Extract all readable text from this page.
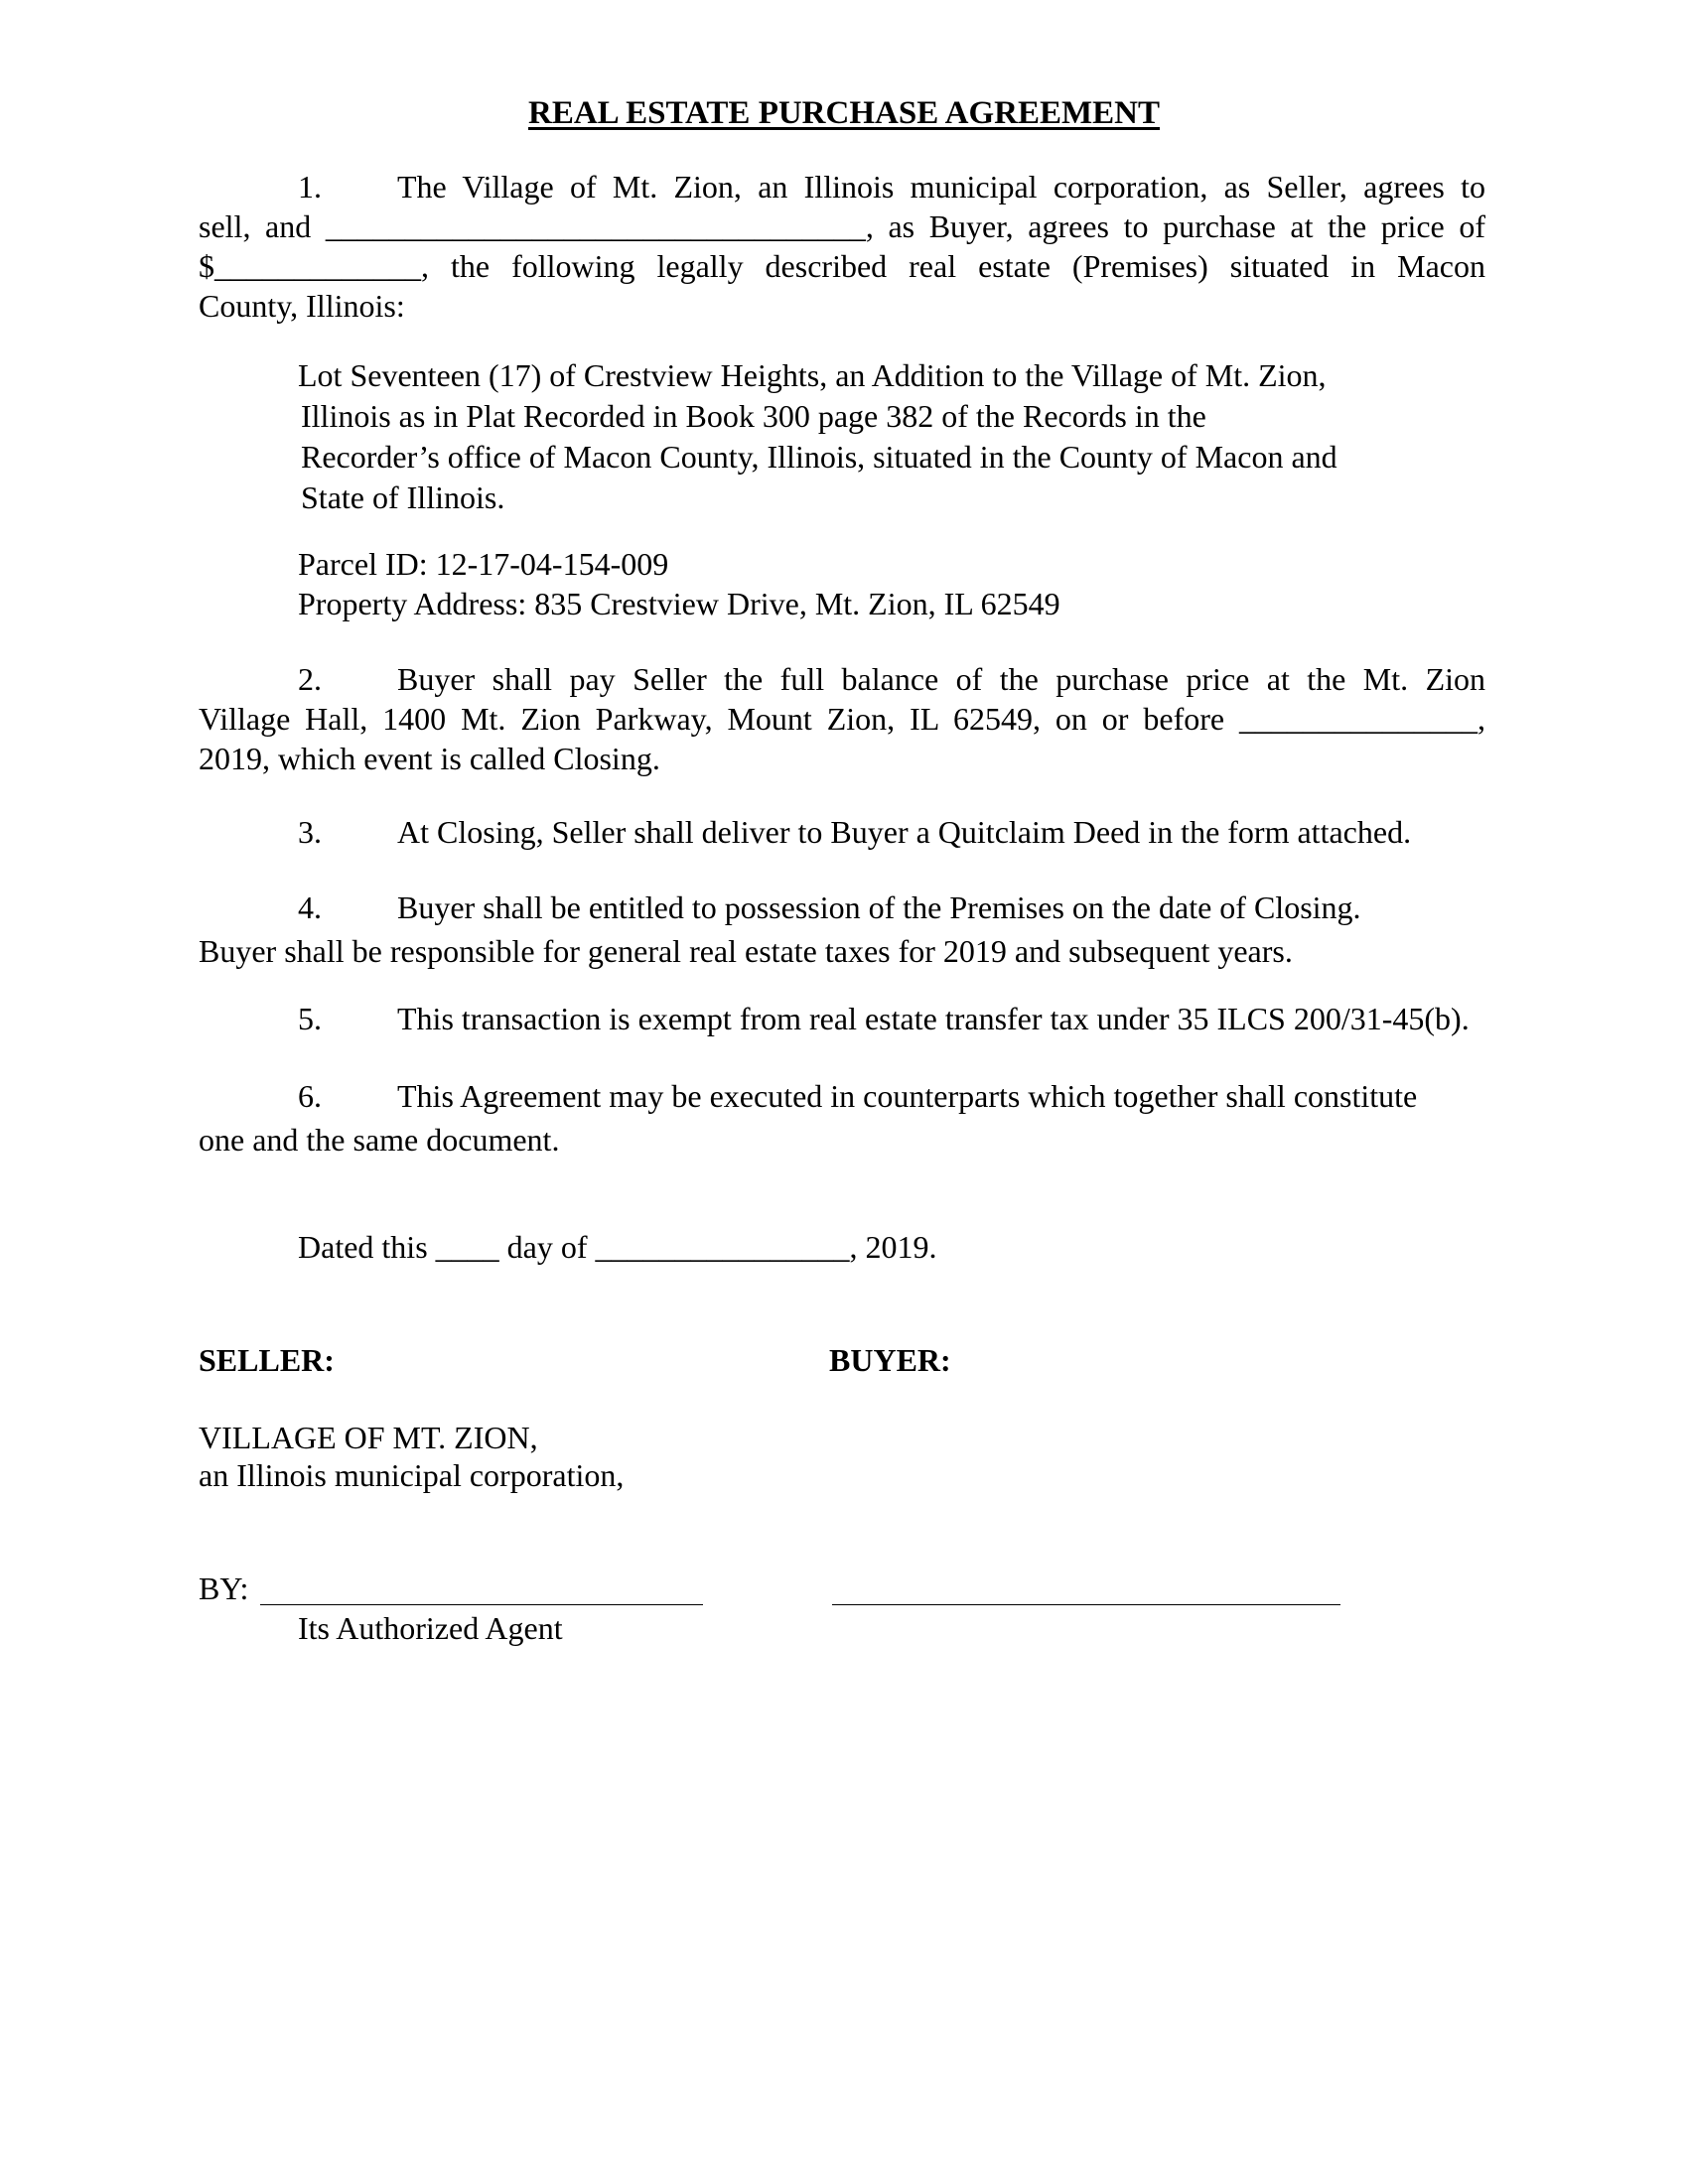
REAL ESTATE PURCHASE AGREEMENT
1. The Village of Mt. Zion, an Illinois municipal corporation, as Seller, agrees to
sell, and __________________________________, as Buyer, agrees to purchase at the price of
$_____________, the following legally described real estate (Premises) situated in Macon
County, Illinois:
Lot Seventeen (17) of Crestview Heights, an Addition to the Village of Mt. Zion,
Illinois as in Plat Recorded in Book 300 page 382 of the Records in the
Recorder’s office of Macon County, Illinois, situated in the County of Macon and
State of Illinois.
Parcel ID: 12-17-04-154-009
Property Address: 835 Crestview Drive, Mt. Zion, IL 62549
2. Buyer shall pay Seller the full balance of the purchase price at the Mt. Zion
Village Hall, 1400 Mt. Zion Parkway, Mount Zion, IL 62549, on or before _______________,
2019, which event is called Closing.
3. At Closing, Seller shall deliver to Buyer a Quitclaim Deed in the form attached.
4. Buyer shall be entitled to possession of the Premises on the date of Closing.
Buyer shall be responsible for general real estate taxes for 2019 and subsequent years.
5. This transaction is exempt from real estate transfer tax under 35 ILCS 200/31-45(b).
6. This Agreement may be executed in counterparts which together shall constitute
one and the same document.
Dated this ____ day of ________________, 2019.
SELLER:	BUYER:
VILLAGE OF MT. ZION,
an Illinois municipal corporation,
BY:
Its Authorized Agent
